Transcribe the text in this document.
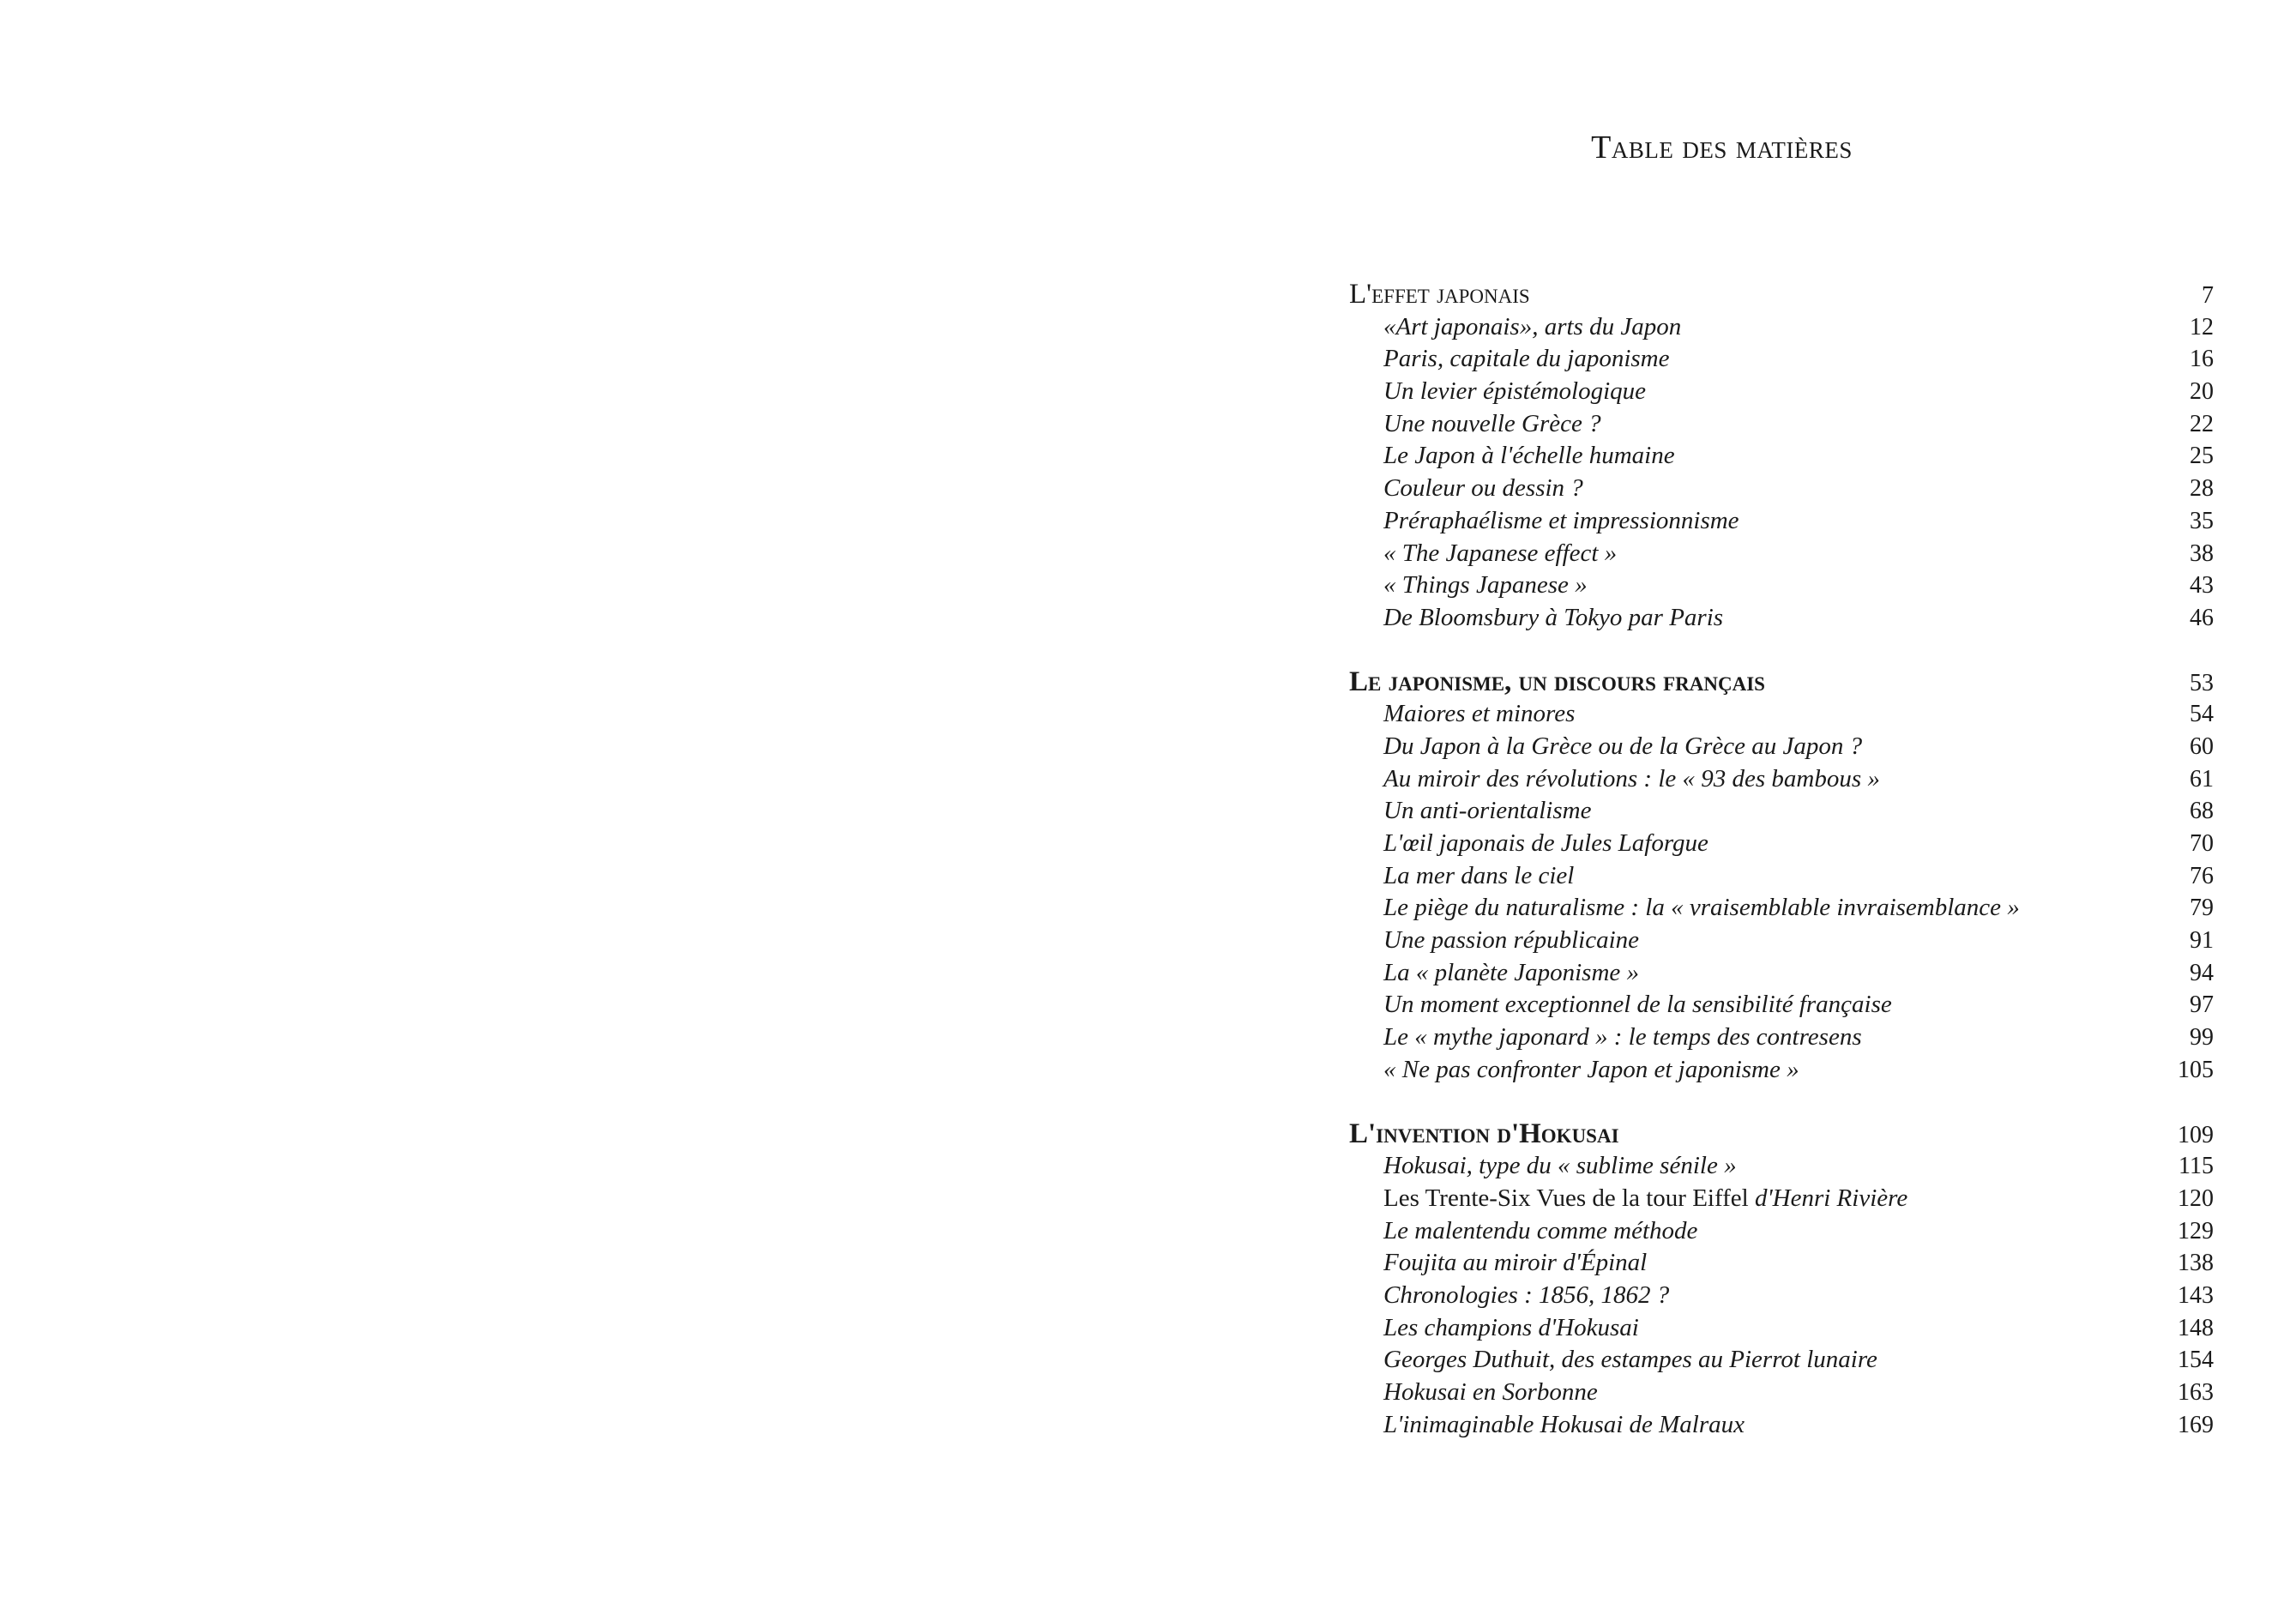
Table des matières
L'effet japonais	7
«Art japonais», arts du Japon	12
Paris, capitale du japonisme	16
Un levier épistémologique	20
Une nouvelle Grèce ?	22
Le Japon à l'échelle humaine	25
Couleur ou dessin ?	28
Préraphaélisme et impressionnisme	35
« The Japanese effect »	38
« Things Japanese »	43
De Bloomsbury à Tokyo par Paris	46
Le japonisme, un discours français	53
Maiores et minores	54
Du Japon à la Grèce ou de la Grèce au Japon ?	60
Au miroir des révolutions : le « 93 des bambous »	61
Un anti-orientalisme	68
L'œil japonais de Jules Laforgue	70
La mer dans le ciel	76
Le piège du naturalisme : la « vraisemblable invraisemblance »	79
Une passion républicaine	91
La « planète Japonisme »	94
Un moment exceptionnel de la sensibilité française	97
Le « mythe japonard » : le temps des contresens	99
« Ne pas confronter Japon et japonisme »	105
L'invention d'Hokusai	109
Hokusai, type du « sublime sénile »	115
Les Trente-Six Vues de la tour Eiffel d'Henri Rivière	120
Le malentendu comme méthode	129
Foujita au miroir d'Épinal	138
Chronologies : 1856, 1862 ?	143
Les champions d'Hokusai	148
Georges Duthuit, des estampes au Pierrot lunaire	154
Hokusai en Sorbonne	163
L'inimaginable Hokusai de Malraux	169
